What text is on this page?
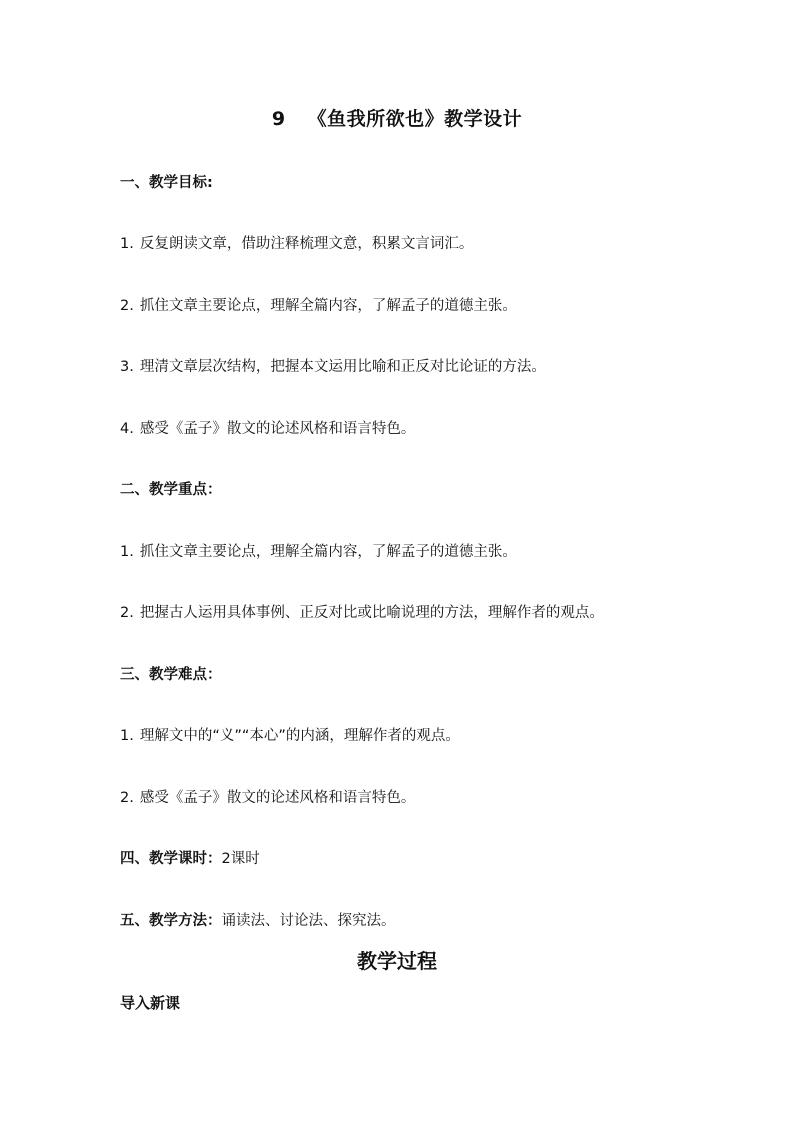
9 《鱼我所欲也》教学设计
一、教学目标:
1. 反复朗读文章，借助注释梳理文意，积累文言词汇。
2. 抓住文章主要论点，理解全篇内容，了解孟子的道德主张。
3. 理清文章层次结构，把握本文运用比喻和正反对比论证的方法。
4. 感受《孟子》散文的论述风格和语言特色。
二、教学重点：
1. 抓住文章主要论点，理解全篇内容，了解孟子的道德主张。
2. 把握古人运用具体事例、正反对比或比喻说理的方法，理解作者的观点。
三、教学难点：
1. 理解文中的“义”“本心”的内涵，理解作者的观点。
2. 感受《孟子》散文的论述风格和语言特色。
四、教学课时：2课时
五、教学方法：诵读法、讨论法、探究法。
教学过程
导入新课
